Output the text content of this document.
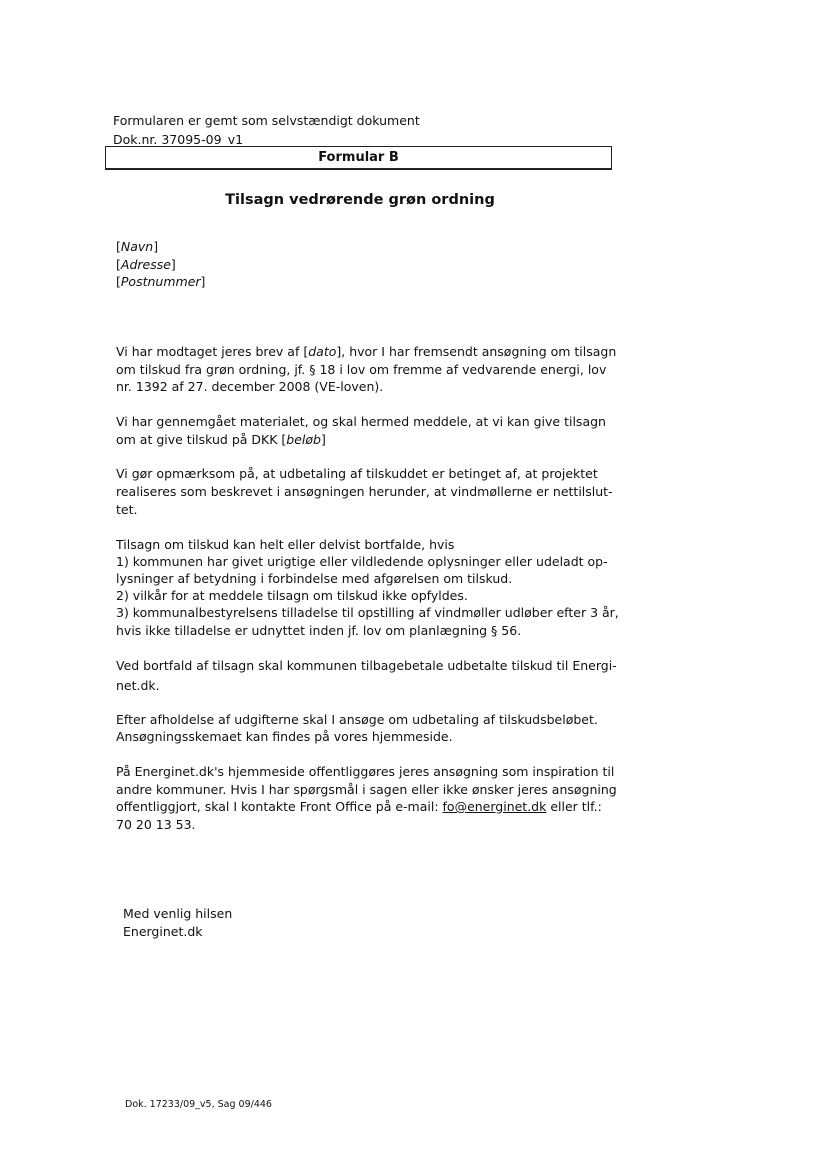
Formularen er gemt som selvstændigt dokument
Dok.nr. 37095-09_v1
Formular B
Tilsagn vedrørende grøn ordning
[Navn]
[Adresse]
[Postnummer]
Vi har modtaget jeres brev af [dato], hvor I har fremsendt ansøgning om tilsagn
om tilskud fra grøn ordning, jf. § 18 i lov om fremme af vedvarende energi, lov
nr. 1392 af 27. december 2008 (VE-loven).
Vi har gennemgået materialet, og skal hermed meddele, at vi kan give tilsagn
om at give tilskud på DKK [beløb]
Vi gør opmærksom på, at udbetaling af tilskuddet er betinget af, at projektet
realiseres som beskrevet i ansøgningen herunder, at vindmøllerne er nettilslut-
tet.
Tilsagn om tilskud kan helt eller delvist bortfalde, hvis
1) kommunen har givet urigtige eller vildledende oplysninger eller udeladt op-
lysninger af betydning i forbindelse med afgørelsen om tilskud.
2) vilkår for at meddele tilsagn om tilskud ikke opfyldes.
3) kommunalbestyrelsens tilladelse til opstilling af vindmøller udløber efter 3 år,
hvis ikke tilladelse er udnyttet inden jf. lov om planlægning § 56.
Ved bortfald af tilsagn skal kommunen tilbagebetale udbetalte tilskud til Energi-
net.dk.
Efter afholdelse af udgifterne skal I ansøge om udbetaling af tilskudsbeløbet.
Ansøgningsskemaet kan findes på vores hjemmeside.
På Energinet.dk's hjemmeside offentliggøres jeres ansøgning som inspiration til
andre kommuner. Hvis I har spørgsmål i sagen eller ikke ønsker jeres ansøgning
offentliggjort, skal I kontakte Front Office på e-mail: fo@energinet.dk eller tlf.:
70 20 13 53.
Med venlig hilsen
Energinet.dk
Dok. 17233/09_v5, Sag 09/446
